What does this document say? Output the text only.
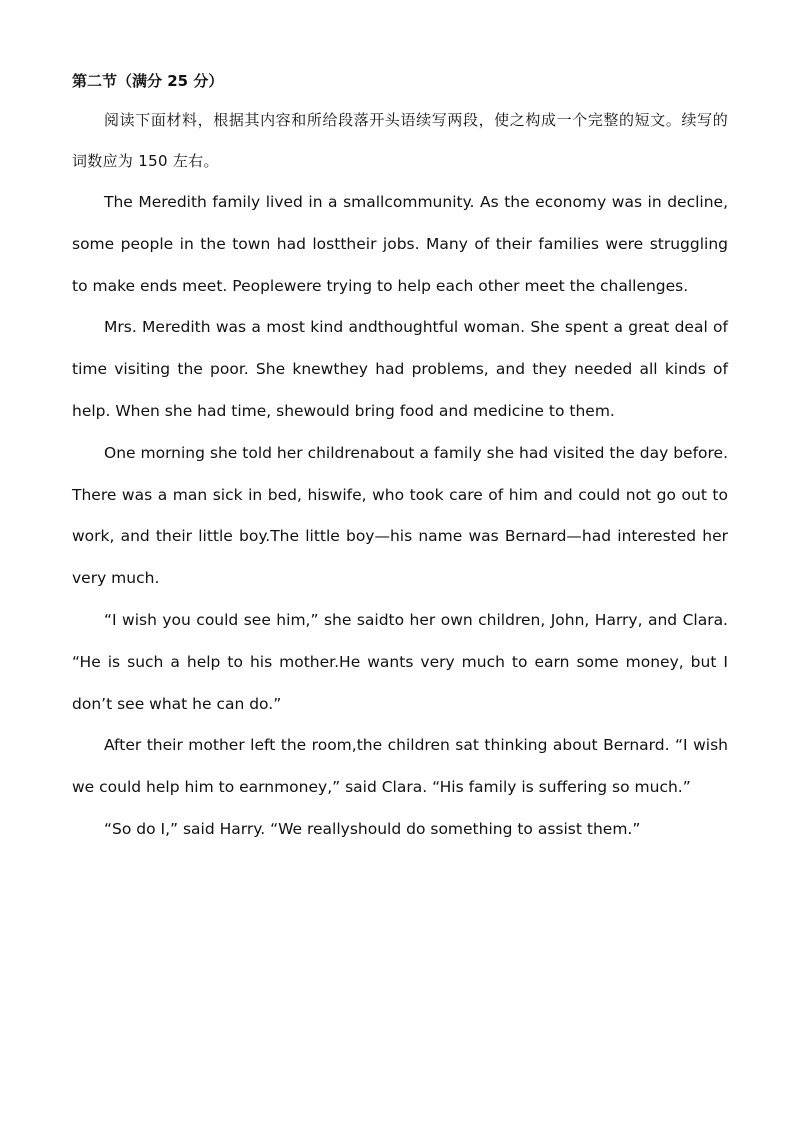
第二节（满分 25 分）

阅读下面材料，根据其内容和所给段落开头语续写两段，使之构成一个完整的短文。续写的词数应为 150 左右。

The Meredith family lived in a smallcommunity. As the economy was in decline, some people in the town had losttheir jobs. Many of their families were struggling to make ends meet. Peoplewere trying to help each other meet the challenges.

Mrs. Meredith was a most kind andthoughtful woman. She spent a great deal of time visiting the poor. She knewthey had problems, and they needed all kinds of help. When she had time, shewould bring food and medicine to them.

One morning she told her childrenabout a family she had visited the day before. There was a man sick in bed, hiswife, who took care of him and could not go out to work, and their little boy.The little boy—his name was Bernard—had interested her very much.

“I wish you could see him,” she saidto her own children, John, Harry, and Clara. “He is such a help to his mother.He wants very much to earn some money, but I don’t see what he can do.”

After their mother left the room,the children sat thinking about Bernard. “I wish we could help him to earnmoney,” said Clara. “His family is suffering so much.”

“So do I,” said Harry. “We reallyshould do something to assist them.”
